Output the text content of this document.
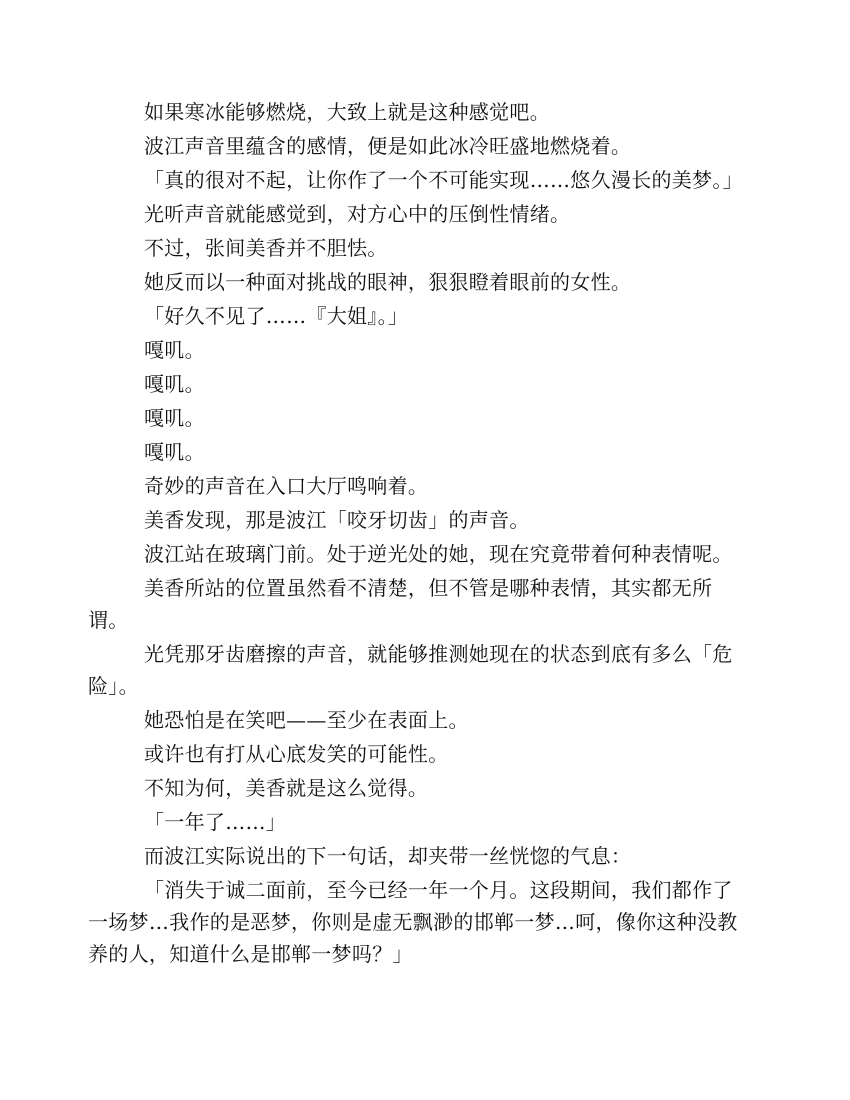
如果寒冰能够燃烧，大致上就是这种感觉吧。

波江声音里蕴含的感情，便是如此冰冷旺盛地燃烧着。

「真的很对不起，让你作了一个不可能实现……悠久漫长的美梦。」

光听声音就能感觉到，对方心中的压倒性情绪。

不过，张间美香并不胆怯。

她反而以一种面对挑战的眼神，狠狠瞪着眼前的女性。

「好久不见了……『大姐』。」

嘎叽。

嘎叽。

嘎叽。

嘎叽。

奇妙的声音在入口大厅鸣响着。

美香发现，那是波江「咬牙切齿」的声音。

波江站在玻璃门前。处于逆光处的她，现在究竟带着何种表情呢。

美香所站的位置虽然看不清楚，但不管是哪种表情，其实都无所谓。

光凭那牙齿磨擦的声音，就能够推测她现在的状态到底有多么「危险」。

她恐怕是在笑吧——至少在表面上。

或许也有打从心底发笑的可能性。

不知为何，美香就是这么觉得。

「一年了……」

而波江实际说出的下一句话，却夹带一丝恍惚的气息：

「消失于诚二面前，至今已经一年一个月。这段期间，我们都作了一场梦…我作的是恶梦，你则是虚无飘渺的邯郸一梦…呵，像你这种没教养的人，知道什么是邯郸一梦吗？」
